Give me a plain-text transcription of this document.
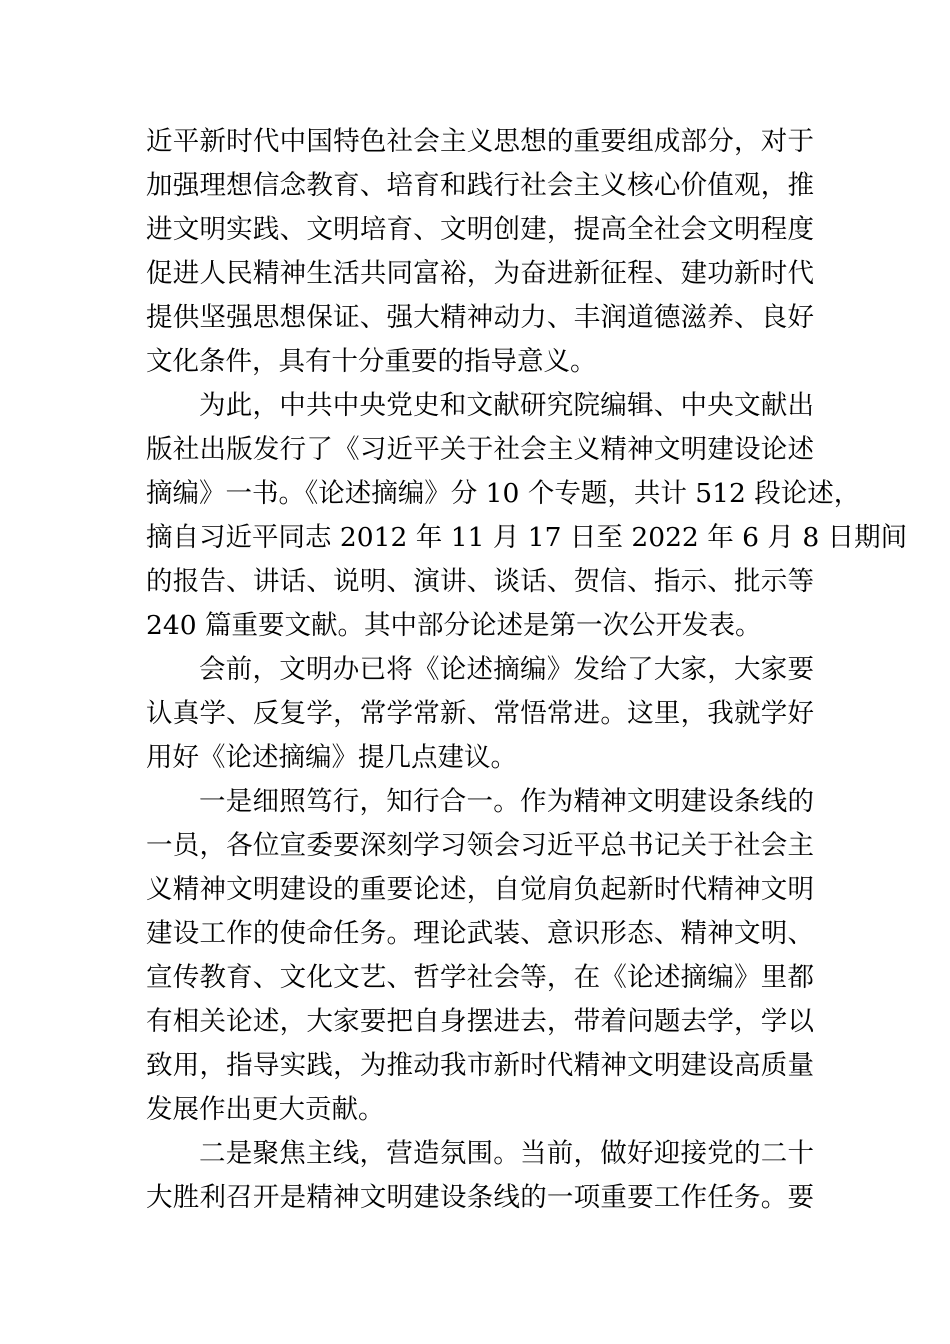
近平新时代中国特色社会主义思想的重要组成部分，对于
加强理想信念教育、培育和践行社会主义核心价值观，推
进文明实践、文明培育、文明创建，提高全社会文明程度
促进人民精神生活共同富裕，为奋进新征程、建功新时代
提供坚强思想保证、强大精神动力、丰润道德滋养、良好
文化条件，具有十分重要的指导意义。
为此，中共中央党史和文献研究院编辑、中央文献出
版社出版发行了《习近平关于社会主义精神文明建设论述
摘编》一书。《论述摘编》分 10 个专题，共计 512 段论述，
摘自习近平同志 2012 年 11 月 17 日至 2022 年 6 月 8 日期间
的报告、讲话、说明、演讲、谈话、贺信、指示、批示等
240 篇重要文献。其中部分论述是第一次公开发表。
会前，文明办已将《论述摘编》发给了大家，大家要
认真学、反复学，常学常新、常悟常进。这里，我就学好
用好《论述摘编》提几点建议。
一是细照笃行，知行合一。作为精神文明建设条线的
一员，各位宣委要深刻学习领会习近平总书记关于社会主
义精神文明建设的重要论述，自觉肩负起新时代精神文明
建设工作的使命任务。理论武装、意识形态、精神文明、
宣传教育、文化文艺、哲学社会等，在《论述摘编》里都
有相关论述，大家要把自身摆进去，带着问题去学，学以
致用，指导实践，为推动我市新时代精神文明建设高质量
发展作出更大贡献。
二是聚焦主线，营造氛围。当前，做好迎接党的二十
大胜利召开是精神文明建设条线的一项重要工作任务。要
